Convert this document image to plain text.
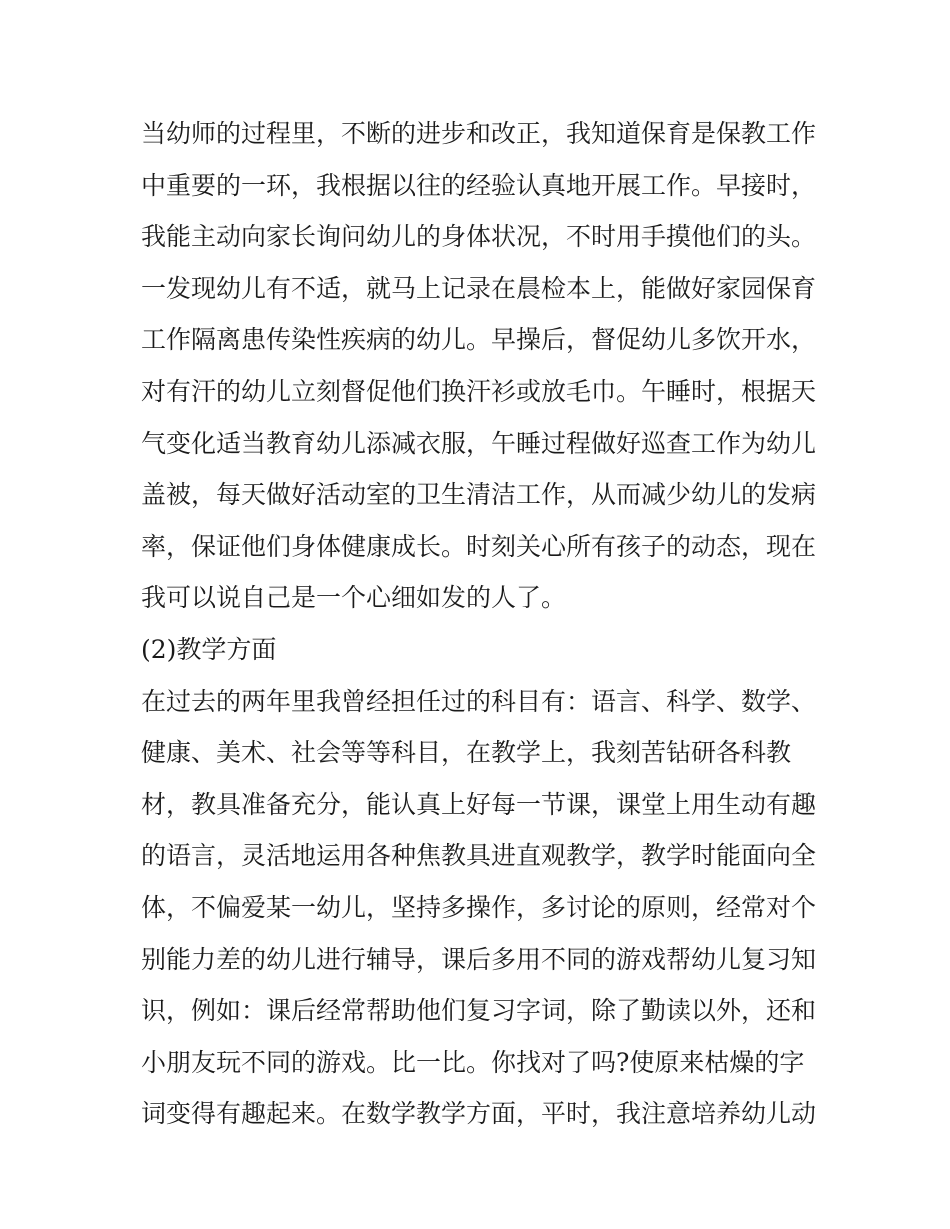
当幼师的过程里，不断的进步和改正，我知道保育是保教工作
中重要的一环，我根据以往的经验认真地开展工作。早接时，
我能主动向家长询问幼儿的身体状况，不时用手摸他们的头。
一发现幼儿有不适，就马上记录在晨检本上，能做好家园保育
工作隔离患传染性疾病的幼儿。早操后，督促幼儿多饮开水，
对有汗的幼儿立刻督促他们换汗衫或放毛巾。午睡时，根据天
气变化适当教育幼儿添减衣服，午睡过程做好巡查工作为幼儿
盖被，每天做好活动室的卫生清洁工作，从而减少幼儿的发病
率，保证他们身体健康成长。时刻关心所有孩子的动态，现在
我可以说自己是一个心细如发的人了。
(2)教学方面
在过去的两年里我曾经担任过的科目有：语言、科学、数学、
健康、美术、社会等等科目，在教学上，我刻苦钻研各科教
材，教具准备充分，能认真上好每一节课，课堂上用生动有趣
的语言，灵活地运用各种焦教具进直观教学，教学时能面向全
体，不偏爱某一幼儿，坚持多操作，多讨论的原则，经常对个
别能力差的幼儿进行辅导，课后多用不同的游戏帮幼儿复习知
识，例如：课后经常帮助他们复习字词，除了勤读以外，还和
小朋友玩不同的游戏。比一比。你找对了吗?使原来枯燥的字
词变得有趣起来。在数学教学方面，平时，我注意培养幼儿动
